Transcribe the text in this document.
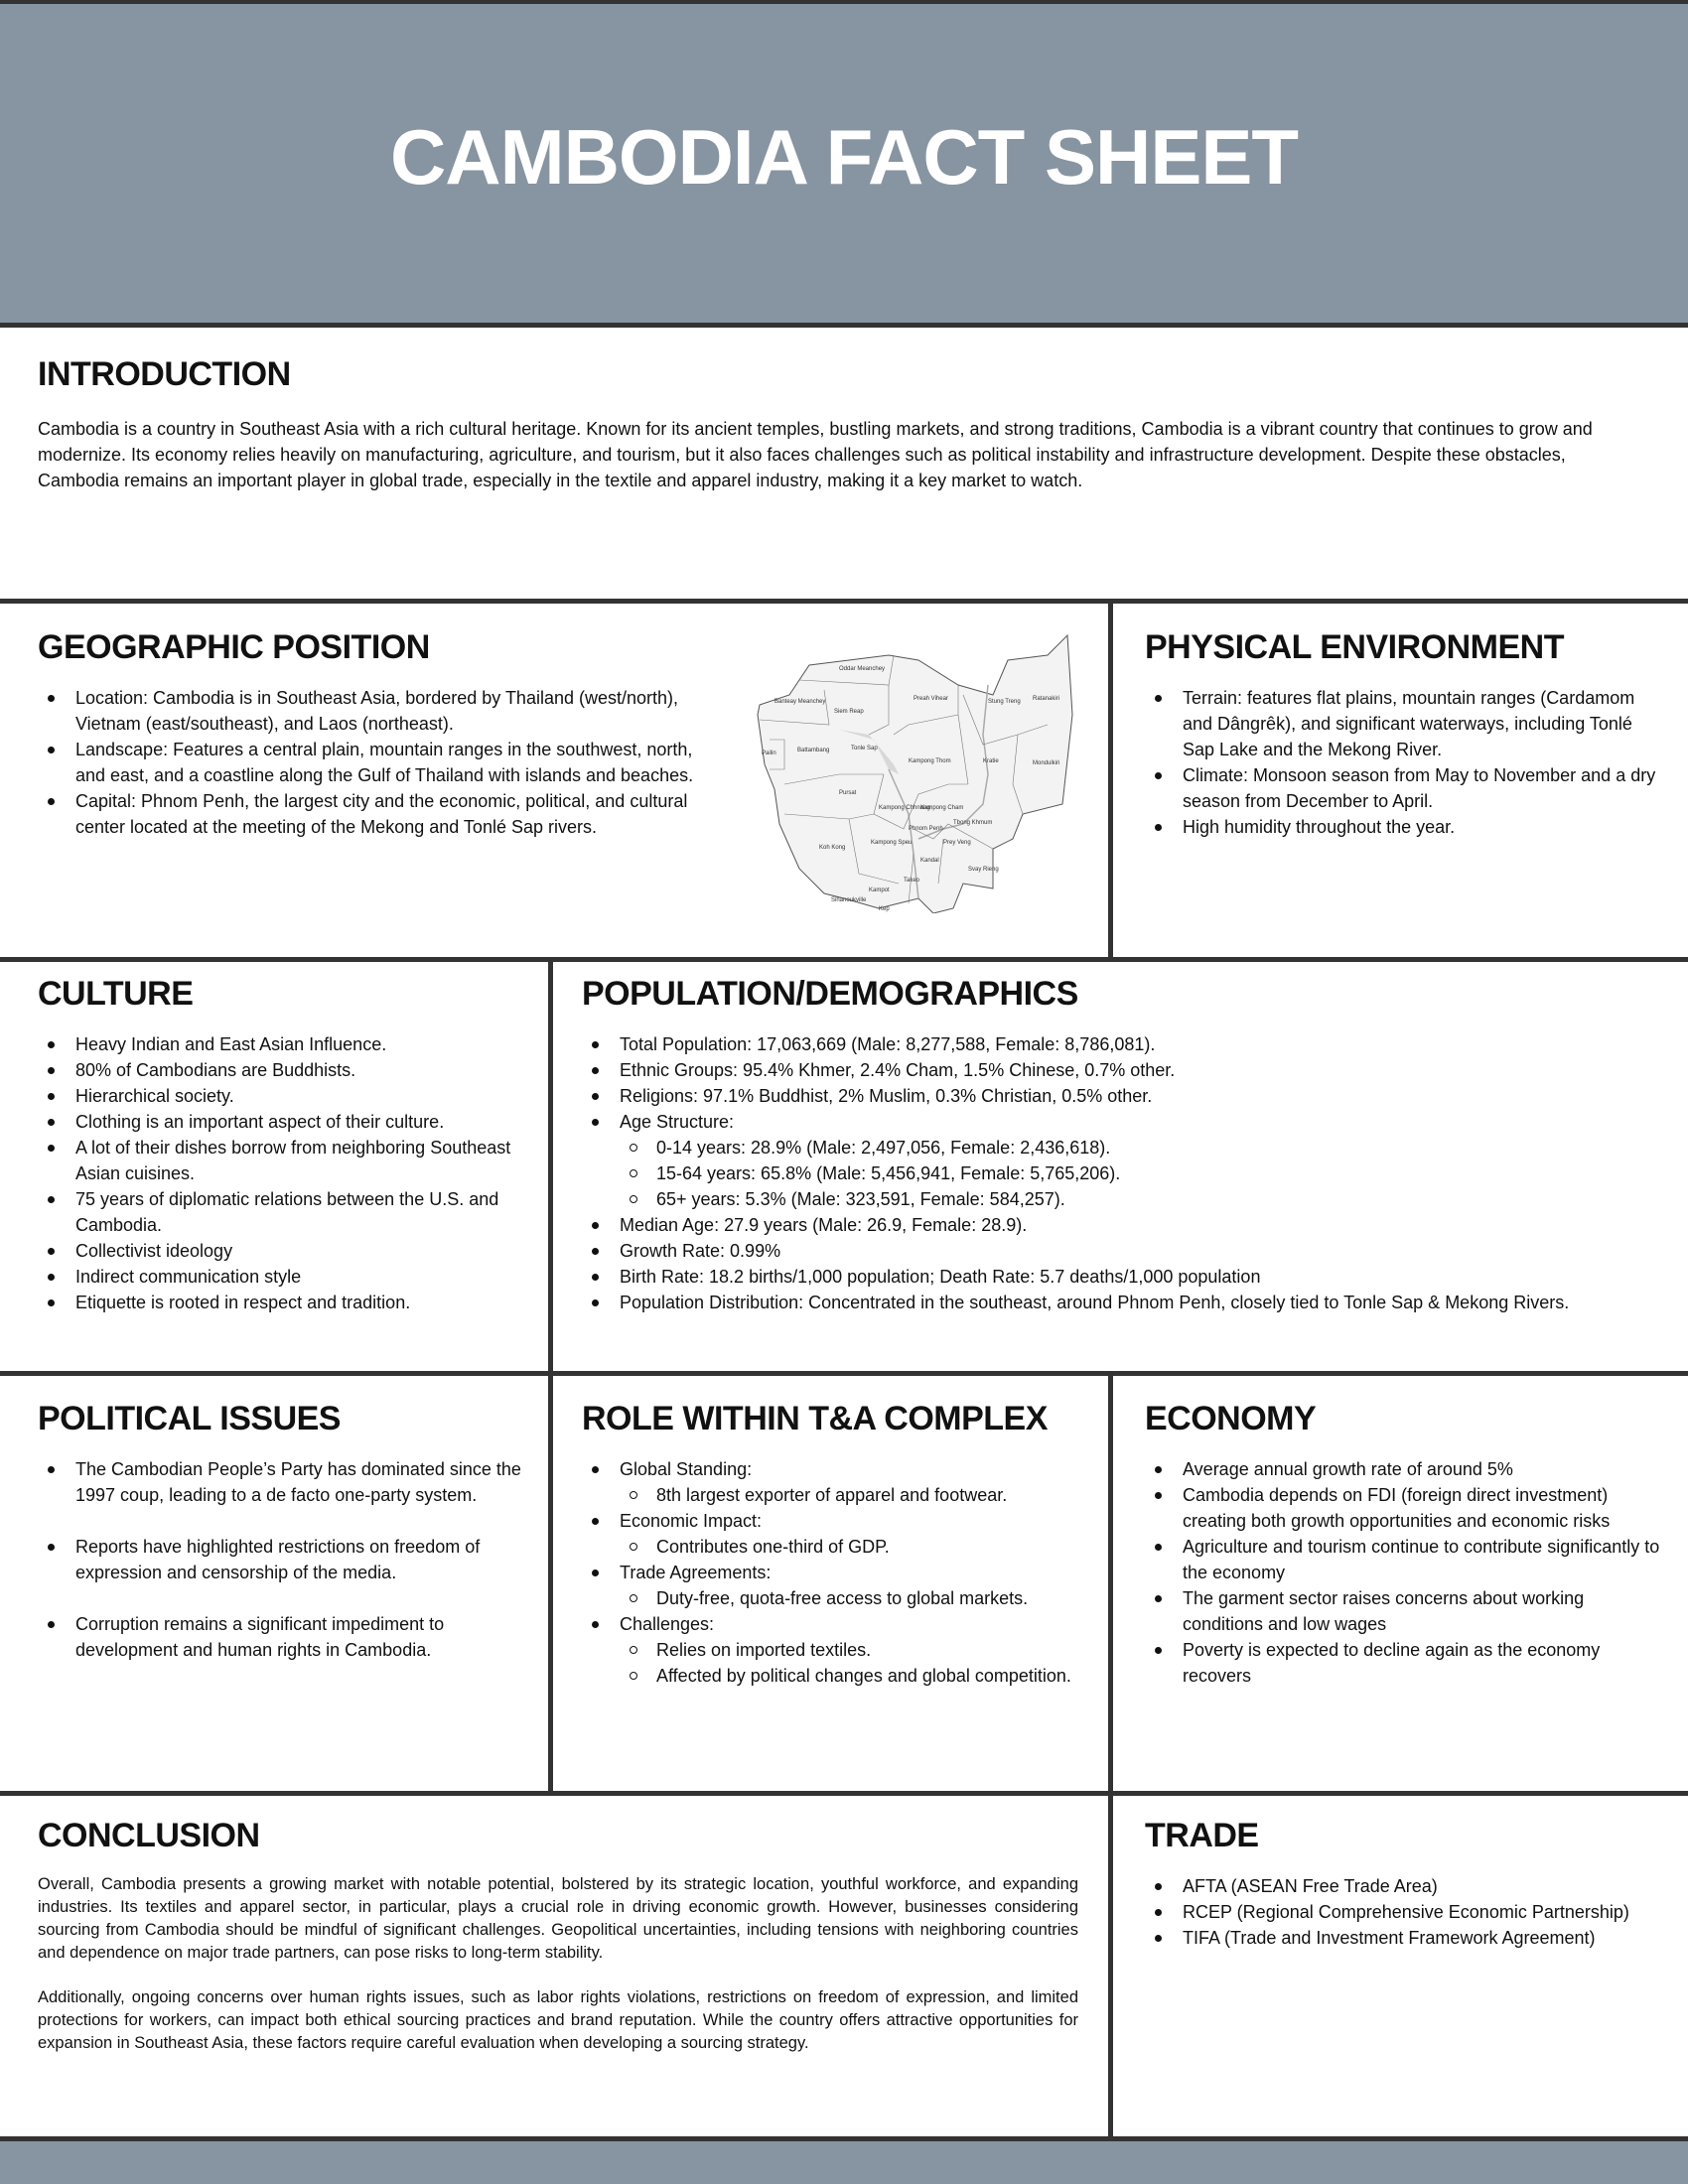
CAMBODIA FACT SHEET
INTRODUCTION

Cambodia is a country in Southeast Asia with a rich cultural heritage. Known for its ancient temples, bustling markets, and strong traditions, Cambodia is a vibrant country that continues to grow and modernize. Its economy relies heavily on manufacturing, agriculture, and tourism, but it also faces challenges such as political instability and infrastructure development. Despite these obstacles, Cambodia remains an important player in global trade, especially in the textile and apparel industry, making it a key market to watch.

GEOGRAPHIC POSITION
Location: Cambodia is in Southeast Asia, bordered by Thailand (west/north), Vietnam (east/southeast), and Laos (northeast).
Landscape: Features a central plain, mountain ranges in the southwest, north, and east, and a coastline along the Gulf of Thailand with islands and beaches.
Capital: Phnom Penh, the largest city and the economic, political, and cultural center located at the meeting of the Mekong and Tonlé Sap rivers.
Oddar Meanchey
Banteay Meanchey
Siem Reap
Preah Vihear	Stung Treng Ratanakiri
Pailin	Battambang	Tonle Sap
Kampong Thom	Kratie	Mondulkiri
Pursat
Kampong Chhnang
Kampong Cham
Tbong Khmum
Phnom Penh
Koh Kong
Kampong Speu	Prey Veng
Kandal
Svay Rieng
Takeo
Kampot
Sihanoukville
Kep
PHYSICAL ENVIRONMENT
Terrain: features flat plains, mountain ranges (Cardamom and Dângrêk), and significant waterways, including Tonlé Sap Lake and the Mekong River.
Climate: Monsoon season from May to November and a dry season from December to April.
High humidity throughout the year.
CULTURE
Heavy Indian and East Asian Influence.
80% of Cambodians are Buddhists.
Hierarchical society.
Clothing is an important aspect of their culture.
A lot of their dishes borrow from neighboring Southeast Asian cuisines.
75 years of diplomatic relations between the U.S. and Cambodia.
Collectivist ideology
Indirect communication style
Etiquette is rooted in respect and tradition.
POPULATION/DEMOGRAPHICS
Total Population: 17,063,669 (Male: 8,277,588, Female: 8,786,081).
Ethnic Groups: 95.4% Khmer, 2.4% Cham, 1.5% Chinese, 0.7% other.
Religions: 97.1% Buddhist, 2% Muslim, 0.3% Christian, 0.5% other.
Age Structure:
0-14 years: 28.9% (Male: 2,497,056, Female: 2,436,618).
15-64 years: 65.8% (Male: 5,456,941, Female: 5,765,206).
65+ years: 5.3% (Male: 323,591, Female: 584,257).
Median Age: 27.9 years (Male: 26.9, Female: 28.9).
Growth Rate: 0.99%
Birth Rate: 18.2 births/1,000 population; Death Rate: 5.7 deaths/1,000 population
Population Distribution: Concentrated in the southeast, around Phnom Penh, closely tied to Tonle Sap & Mekong Rivers.
POLITICAL ISSUES
The Cambodian People’s Party has dominated since the 1997 coup, leading to a de facto one-party system.
Reports have highlighted restrictions on freedom of expression and censorship of the media.
Corruption remains a significant impediment to development and human rights in Cambodia.
ROLE WITHIN T&A COMPLEX
Global Standing:
8th largest exporter of apparel and footwear.
Economic Impact:
Contributes one-third of GDP.
Trade Agreements:
Duty-free, quota-free access to global markets.
Challenges:
Relies on imported textiles.
Affected by political changes and global competition.
ECONOMY
Average annual growth rate of around 5%
Cambodia depends on FDI (foreign direct investment) creating both growth opportunities and economic risks
Agriculture and tourism continue to contribute significantly to the economy
The garment sector raises concerns about working conditions and low wages
Poverty is expected to decline again as the economy recovers
CONCLUSION

Overall, Cambodia presents a growing market with notable potential, bolstered by its strategic location, youthful workforce, and expanding industries. Its textiles and apparel sector, in particular, plays a crucial role in driving economic growth. However, businesses considering sourcing from Cambodia should be mindful of significant challenges. Geopolitical uncertainties, including tensions with neighboring countries and dependence on major trade partners, can pose risks to long-term stability.

Additionally, ongoing concerns over human rights issues, such as labor rights violations, restrictions on freedom of expression, and limited protections for workers, can impact both ethical sourcing practices and brand reputation. While the country offers attractive opportunities for expansion in Southeast Asia, these factors require careful evaluation when developing a sourcing strategy.

TRADE
AFTA (ASEAN Free Trade Area)
RCEP (Regional Comprehensive Economic Partnership)
TIFA (Trade and Investment Framework Agreement)
